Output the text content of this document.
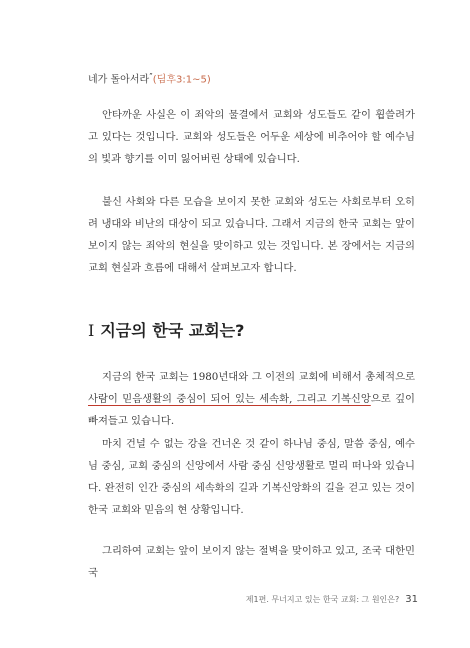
네가 돌아서라”(딤후3:1~5)

안타까운 사실은 이 죄악의 물결에서 교회와 성도들도 같이 휩쓸려가고 있다는 것입니다. 교회와 성도들은 어두운 세상에 비추어야 할 예수님의 빛과 향기를 이미 잃어버린 상태에 있습니다.

불신 사회와 다른 모습을 보이지 못한 교회와 성도는 사회로부터 오히려 냉대와 비난의 대상이 되고 있습니다. 그래서 지금의 한국 교회는 앞이 보이지 않는 죄악의 현실을 맞이하고 있는 것입니다. 본 장에서는 지금의 교회 현실과 흐름에 대해서 살펴보고자 합니다.

I 지금의 한국 교회는?

지금의 한국 교회는 1980년대와 그 이전의 교회에 비해서 총체적으로 사람이 믿음생활의 중심이 되어 있는 세속화, 그리고 기복신앙으로 깊이 빠져들고 있습니다.

마치 건널 수 없는 강을 건너온 것 같이 하나님 중심, 말씀 중심, 예수님 중심, 교회 중심의 신앙에서 사람 중심 신앙생활로 멀리 떠나와 있습니다. 완전히 인간 중심의 세속화의 길과 기복신앙화의 길을 걷고 있는 것이 한국 교회와 믿음의 현 상황입니다.

그리하여 교회는 앞이 보이지 않는 절벽을 맞이하고 있고, 조국 대한민국

제1편. 무너지고 있는 한국 교회: 그 원인은? 31
